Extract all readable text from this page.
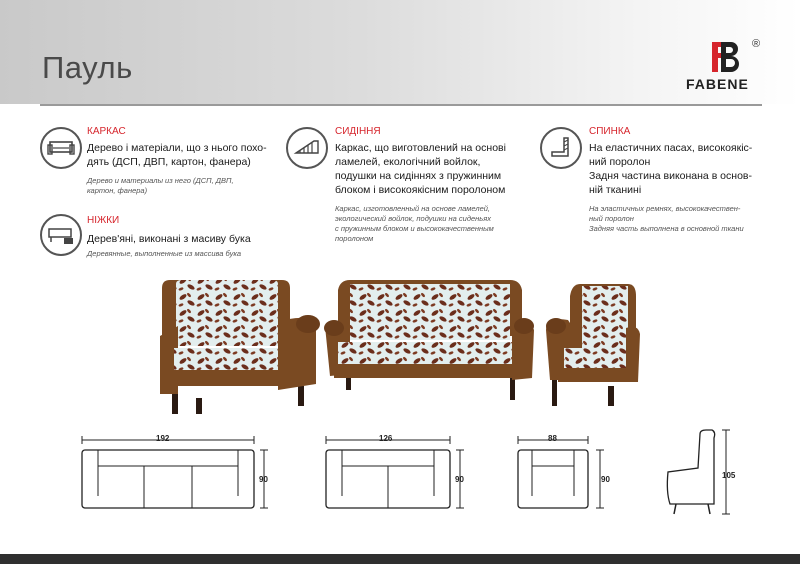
Пауль	FABENE
®
КАРКАС
Дерево і матеріали, що з нього похо-
дять (ДСП, ДВП, картон, фанера)
Дерево и материалы из него (ДСП, ДВП,
картон, фанера)
НІЖКИ
Дерев'яні, виконані з масиву бука
Деревянные, выполненные из массива бука
СИДІННЯ
Каркас, що виготовлений на основі
ламелей, екологічний войлок,
подушки на сидіннях з пружинним
блоком і високоякісним поролоном
Каркас, изготовленный на основе ламелей,
экологический войлок, подушки на сиденьях
с пружинным блоком и высококачественным
поролоном
СПИНКА
На еластичних пасах, високоякіс-
ний поролон
Задня частина виконана в основ-
ній тканині
На эластичных ремнях, высококачествен-
ный поролон
Задняя часть выполнена в основной ткани
192
90
126
90
88
90	105
